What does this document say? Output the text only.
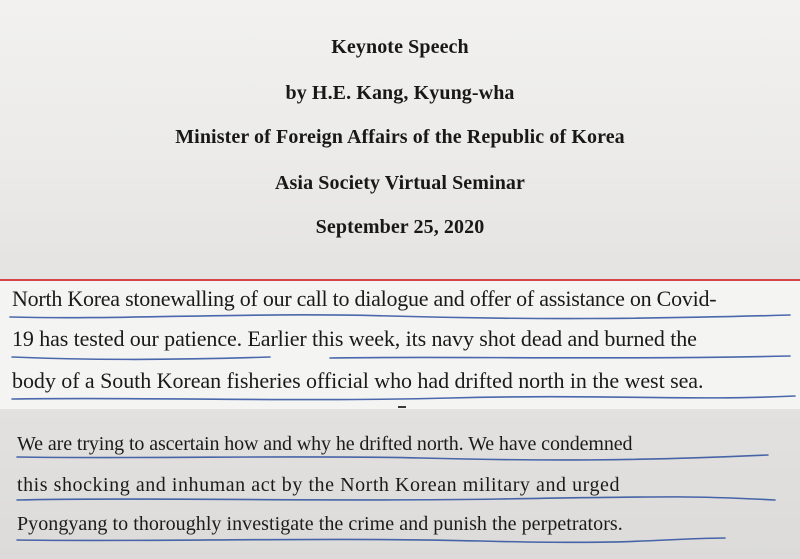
Keynote Speech
by H.E. Kang, Kyung-wha
Minister of Foreign Affairs of the Republic of Korea
Asia Society Virtual Seminar
September 25, 2020
North Korea stonewalling of our call to dialogue and offer of assistance on Covid-
19 has tested our patience. Earlier this week, its navy shot dead and burned the
body of a South Korean fisheries official who had drifted north in the west sea.
We are trying to ascertain how and why he drifted north. We have condemned
this shocking and inhuman act by the North Korean military and urged
Pyongyang to thoroughly investigate the crime and punish the perpetrators.
